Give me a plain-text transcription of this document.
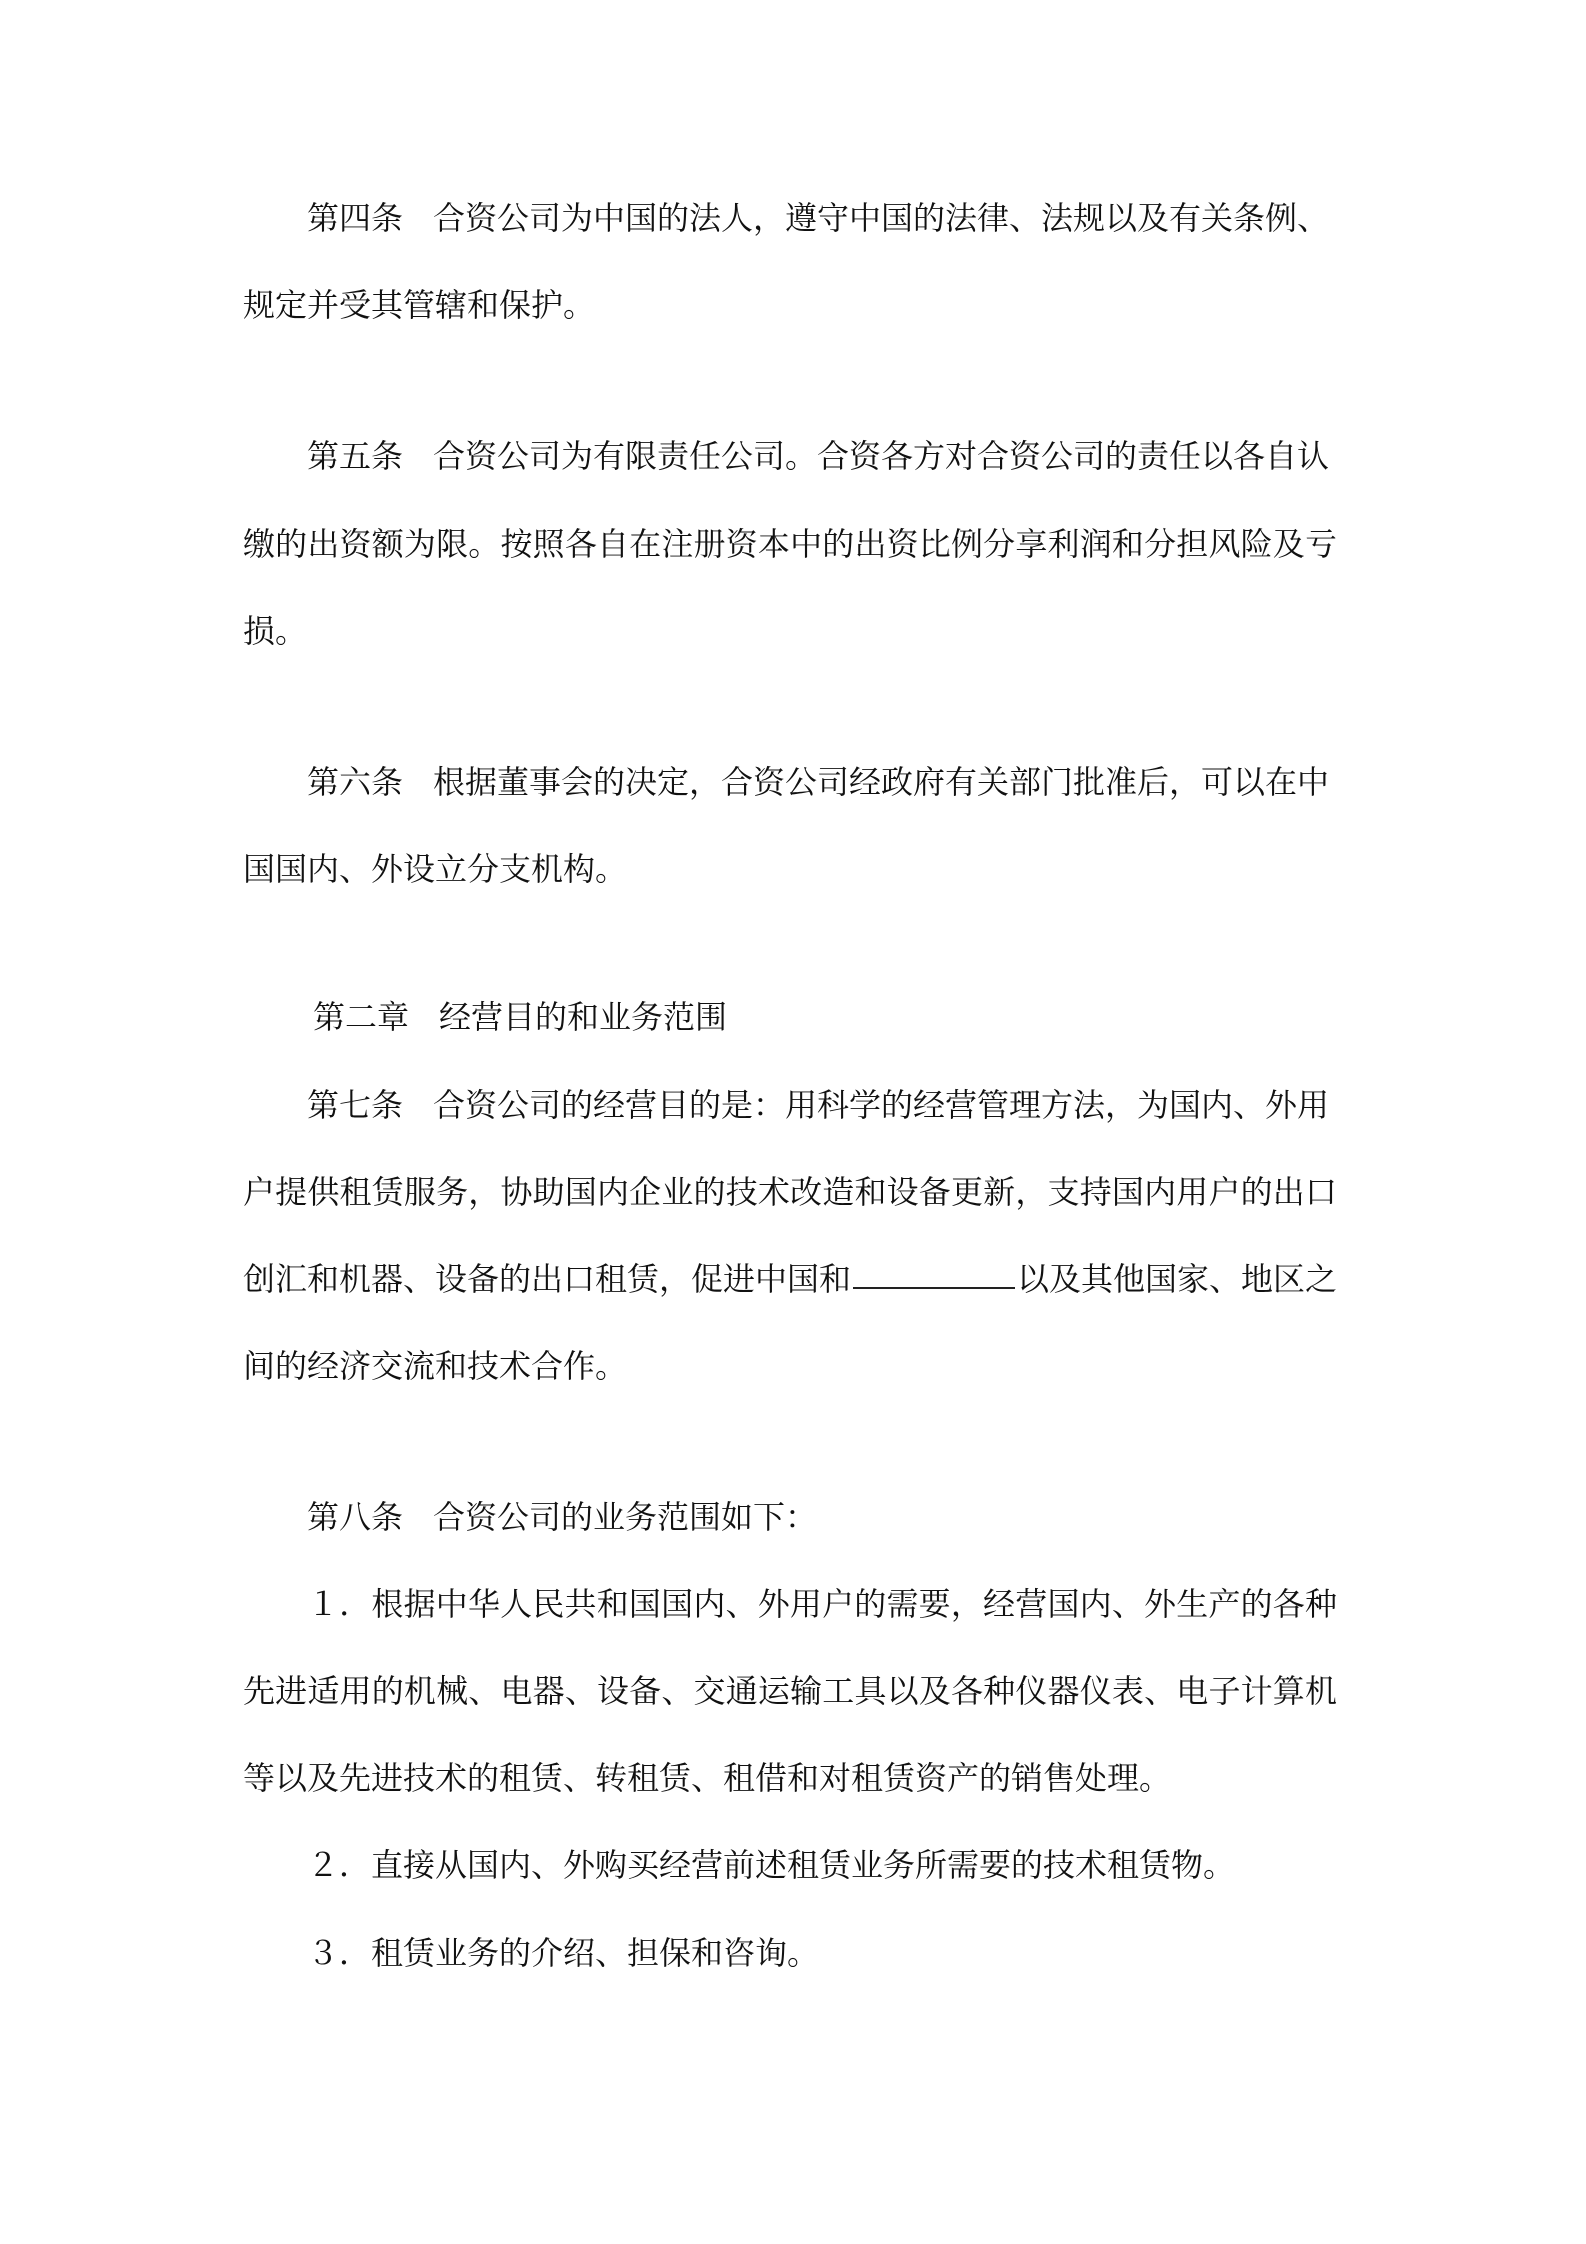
第四条 合资公司为中国的法人，遵守中国的法律、法规以及有关条例、
规定并受其管辖和保护。
第五条 合资公司为有限责任公司。合资各方对合资公司的责任以各自认
缴的出资额为限。按照各自在注册资本中的出资比例分享利润和分担风险及亏
损。
第六条 根据董事会的决定，合资公司经政府有关部门批准后，可以在中
国国内、外设立分支机构。
第二章 经营目的和业务范围
第七条 合资公司的经营目的是：用科学的经营管理方法，为国内、外用
户提供租赁服务，协助国内企业的技术改造和设备更新，支持国内用户的出口
创汇和机器、设备的出口租赁，促进中国和	以及其他国家、地区之
间的经济交流和技术合作。
第八条 合资公司的业务范围如下：
１．根据中华人民共和国国内、外用户的需要，经营国内、外生产的各种
先进适用的机械、电器、设备、交通运输工具以及各种仪器仪表、电子计算机
等以及先进技术的租赁、转租赁、租借和对租赁资产的销售处理。
２．直接从国内、外购买经营前述租赁业务所需要的技术租赁物。
３．租赁业务的介绍、担保和咨询。
